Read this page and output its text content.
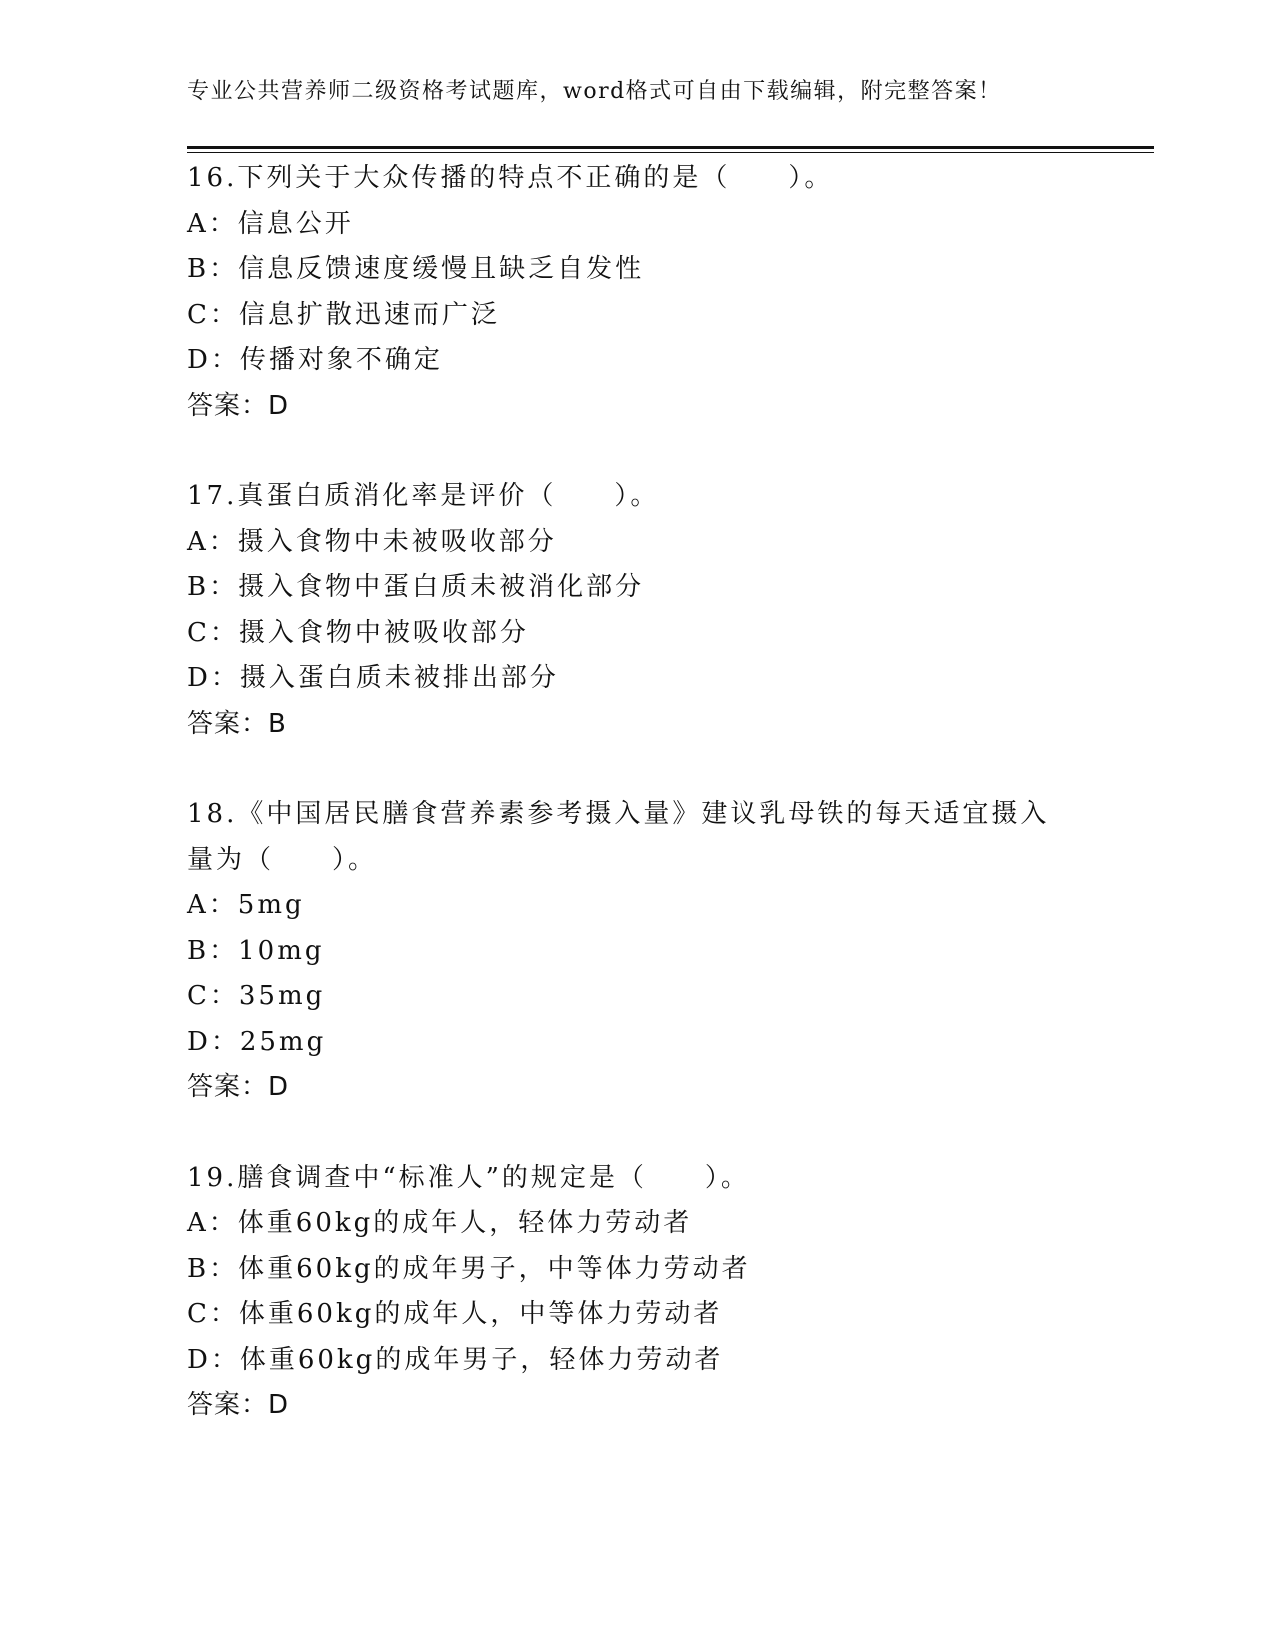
专业公共营养师二级资格考试题库，word格式可自由下载编辑，附完整答案！
16.下列关于大众传播的特点不正确的是（　　）。
A：信息公开
B：信息反馈速度缓慢且缺乏自发性
C：信息扩散迅速而广泛
D：传播对象不确定
答案：D
17.真蛋白质消化率是评价（　　）。
A：摄入食物中未被吸收部分
B：摄入食物中蛋白质未被消化部分
C：摄入食物中被吸收部分
D：摄入蛋白质未被排出部分
答案：B
18.《中国居民膳食营养素参考摄入量》建议乳母铁的每天适宜摄入量为（　　）。
A：5mg
B：10mg
C：35mg
D：25mg
答案：D
19.膳食调查中“标准人”的规定是（　　）。
A：体重60kg的成年人，轻体力劳动者
B：体重60kg的成年男子，中等体力劳动者
C：体重60kg的成年人，中等体力劳动者
D：体重60kg的成年男子，轻体力劳动者
答案：D
